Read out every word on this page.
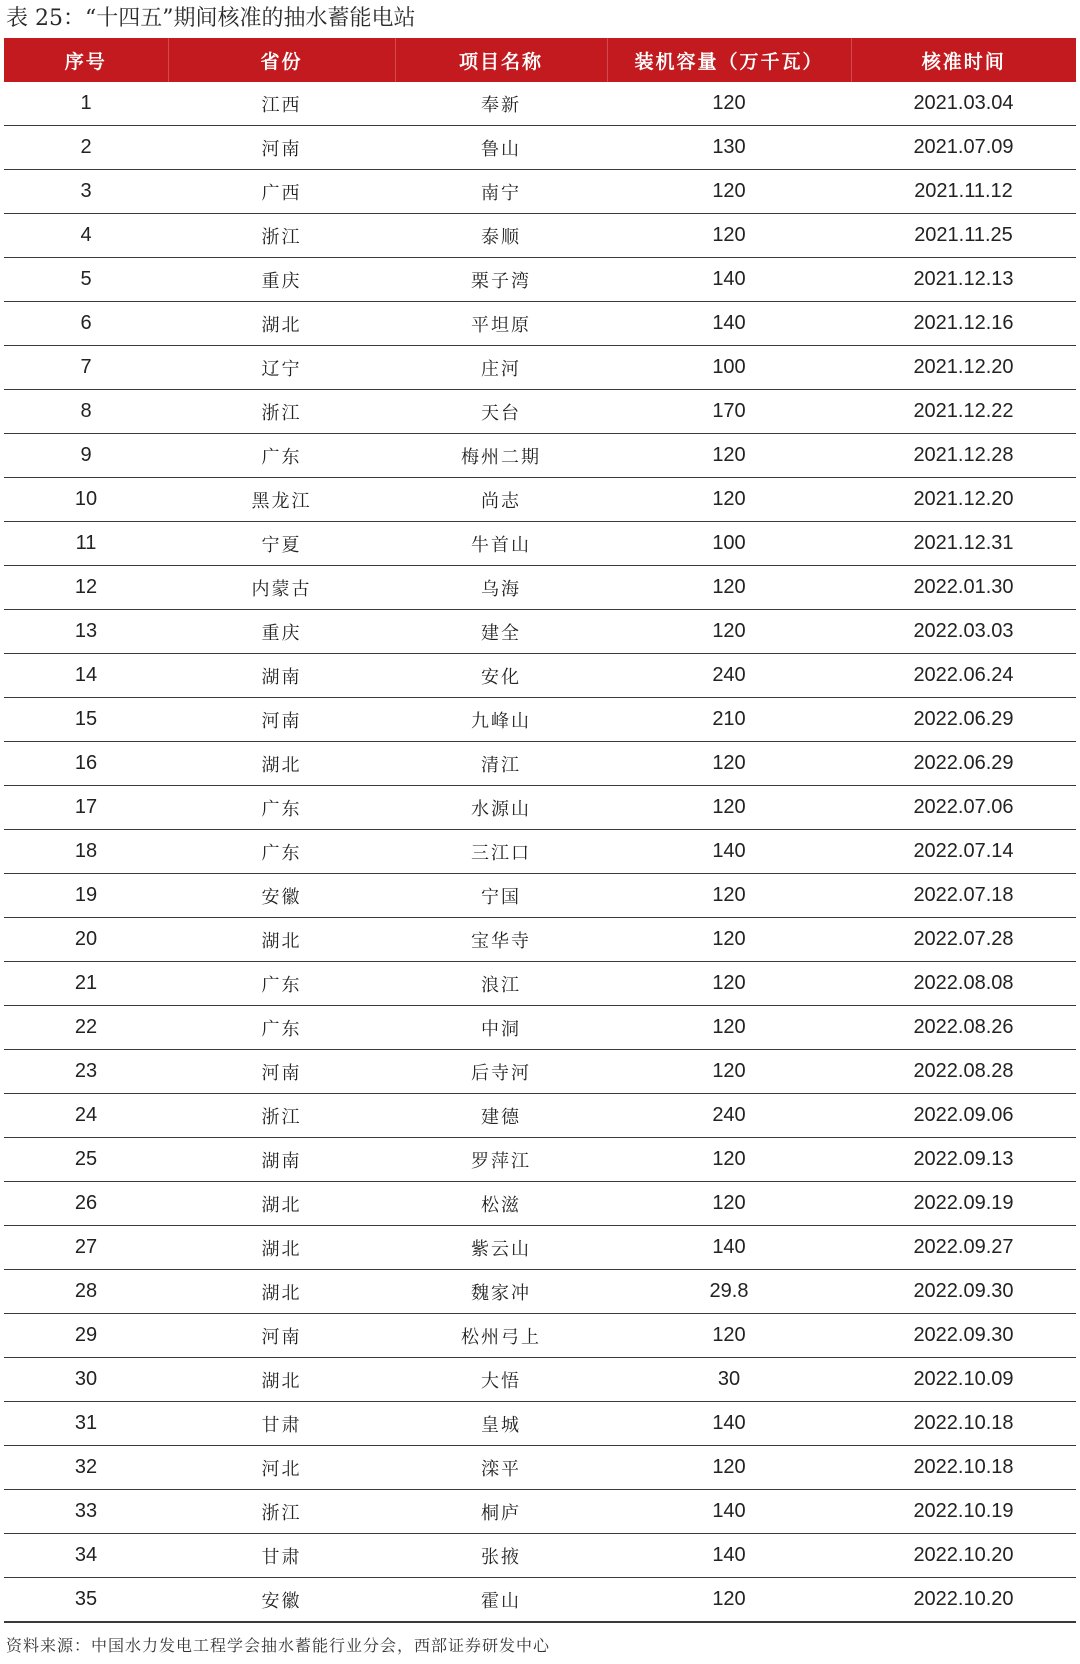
表 25：“十四五”期间核准的抽水蓄能电站
序号	省份	项目名称	装机容量（万千瓦）	核准时间
1	江西	奉新	120	2021.03.04
2	河南	鲁山	130	2021.07.09
3	广西	南宁	120	2021.11.12
4	浙江	泰顺	120	2021.11.25
5	重庆	栗子湾	140	2021.12.13
6	湖北	平坦原	140	2021.12.16
7	辽宁	庄河	100	2021.12.20
8	浙江	天台	170	2021.12.22
9	广东	梅州二期	120	2021.12.28
10	黑龙江	尚志	120	2021.12.20
11	宁夏	牛首山	100	2021.12.31
12	内蒙古	乌海	120	2022.01.30
13	重庆	建全	120	2022.03.03
14	湖南	安化	240	2022.06.24
15	河南	九峰山	210	2022.06.29
16	湖北	清江	120	2022.06.29
17	广东	水源山	120	2022.07.06
18	广东	三江口	140	2022.07.14
19	安徽	宁国	120	2022.07.18
20	湖北	宝华寺	120	2022.07.28
21	广东	浪江	120	2022.08.08
22	广东	中洞	120	2022.08.26
23	河南	后寺河	120	2022.08.28
24	浙江	建德	240	2022.09.06
25	湖南	罗萍江	120	2022.09.13
26	湖北	松滋	120	2022.09.19
27	湖北	紫云山	140	2022.09.27
28	湖北	魏家冲	29.8	2022.09.30
29	河南	松州弓上	120	2022.09.30
30	湖北	大悟	30	2022.10.09
31	甘肃	皇城	140	2022.10.18
32	河北	滦平	120	2022.10.18
33	浙江	桐庐	140	2022.10.19
34	甘肃	张掖	140	2022.10.20
35	安徽	霍山	120	2022.10.20
资料来源：中国水力发电工程学会抽水蓄能行业分会，西部证券研发中心
